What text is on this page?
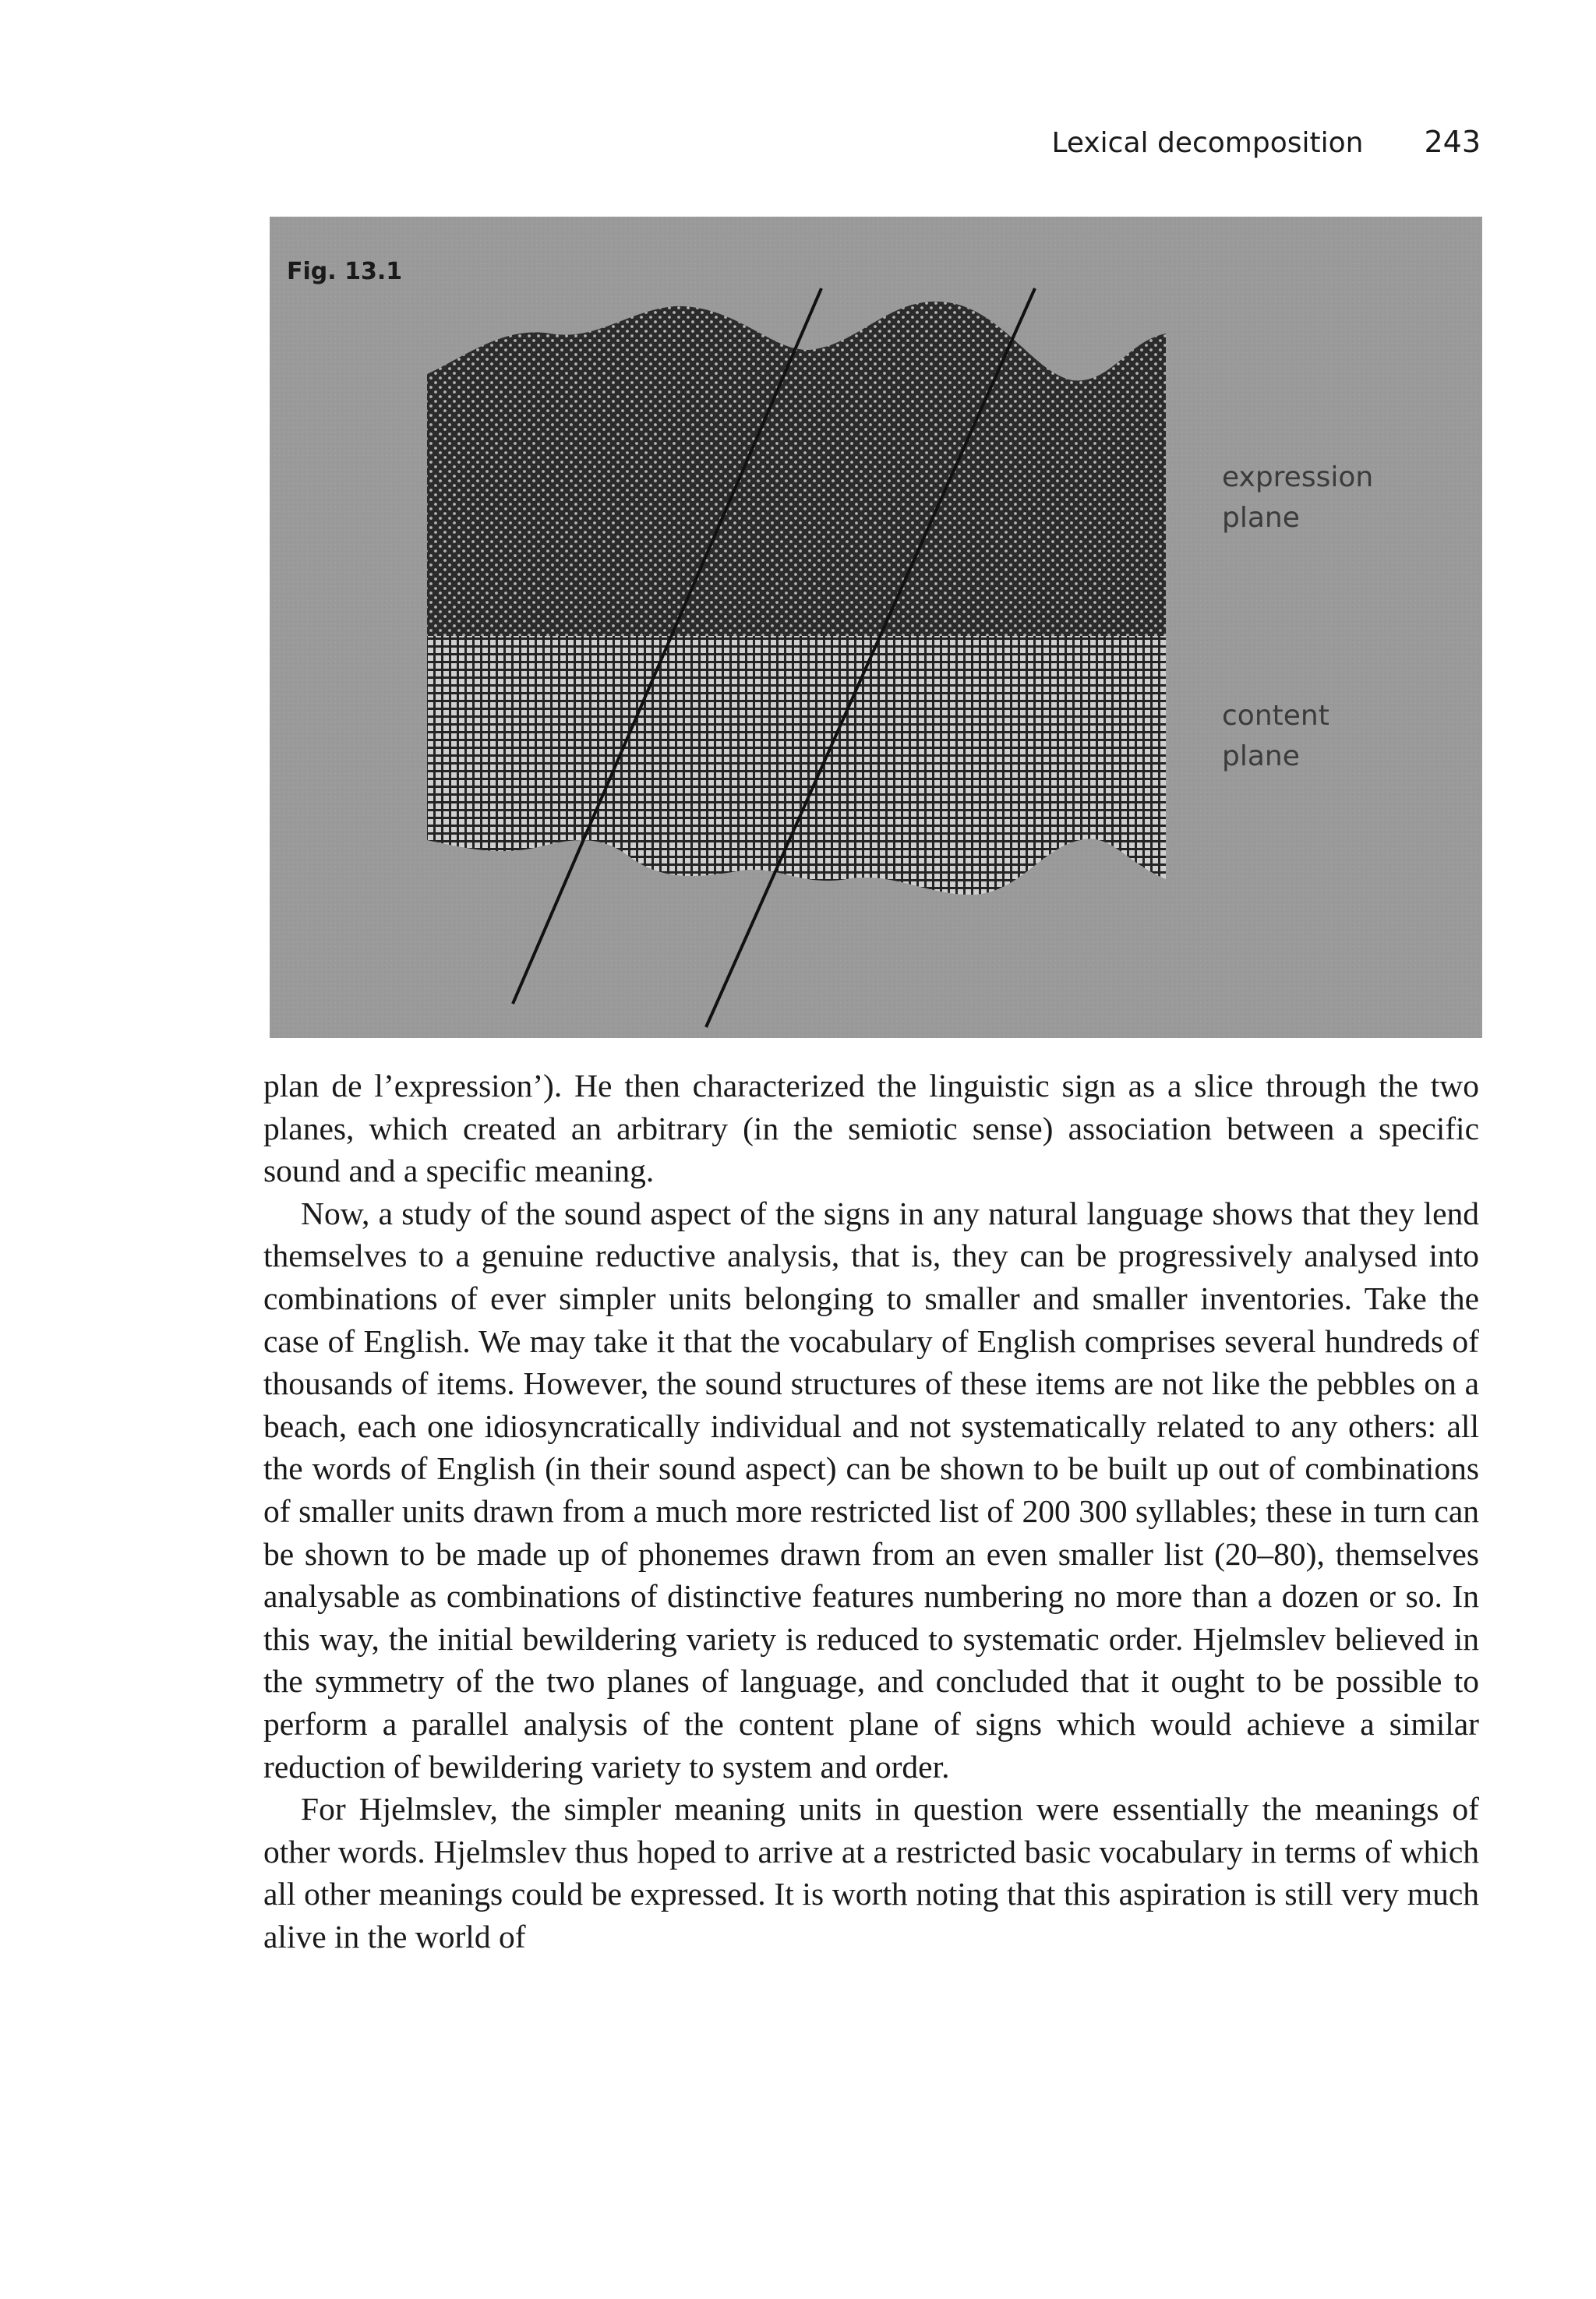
Lexical decomposition 243
Fig. 13.1
expression
plane
content
plane

plan de l’expression’). He then characterized the linguistic sign as a slice through the two planes, which created an arbitrary (in the semiotic sense) association between a specific sound and a specific meaning.

Now, a study of the sound aspect of the signs in any natural language shows that they lend themselves to a genuine reductive analysis, that is, they can be progressively analysed into combinations of ever simpler units belonging to smaller and smaller inventories. Take the case of English. We may take it that the vocabulary of English comprises several hundreds of thousands of items. However, the sound structures of these items are not like the pebbles on a beach, each one idiosyncratically individual and not systematically related to any others: all the words of English (in their sound aspect) can be shown to be built up out of combinations of smaller units drawn from a much more restricted list of 200 300 syllables; these in turn can be shown to be made up of phonemes drawn from an even smaller list (20–80), themselves analysable as combinations of distinctive features numbering no more than a dozen or so. In this way, the initial bewildering variety is reduced to systematic order. Hjelmslev believed in the symmetry of the two planes of language, and concluded that it ought to be possible to perform a parallel analysis of the content plane of signs which would achieve a similar reduction of bewildering variety to system and order.

For Hjelmslev, the simpler meaning units in question were essentially the meanings of other words. Hjelmslev thus hoped to arrive at a restricted basic vocabulary in terms of which all other meanings could be expressed. It is worth noting that this aspiration is still very much alive in the world of
